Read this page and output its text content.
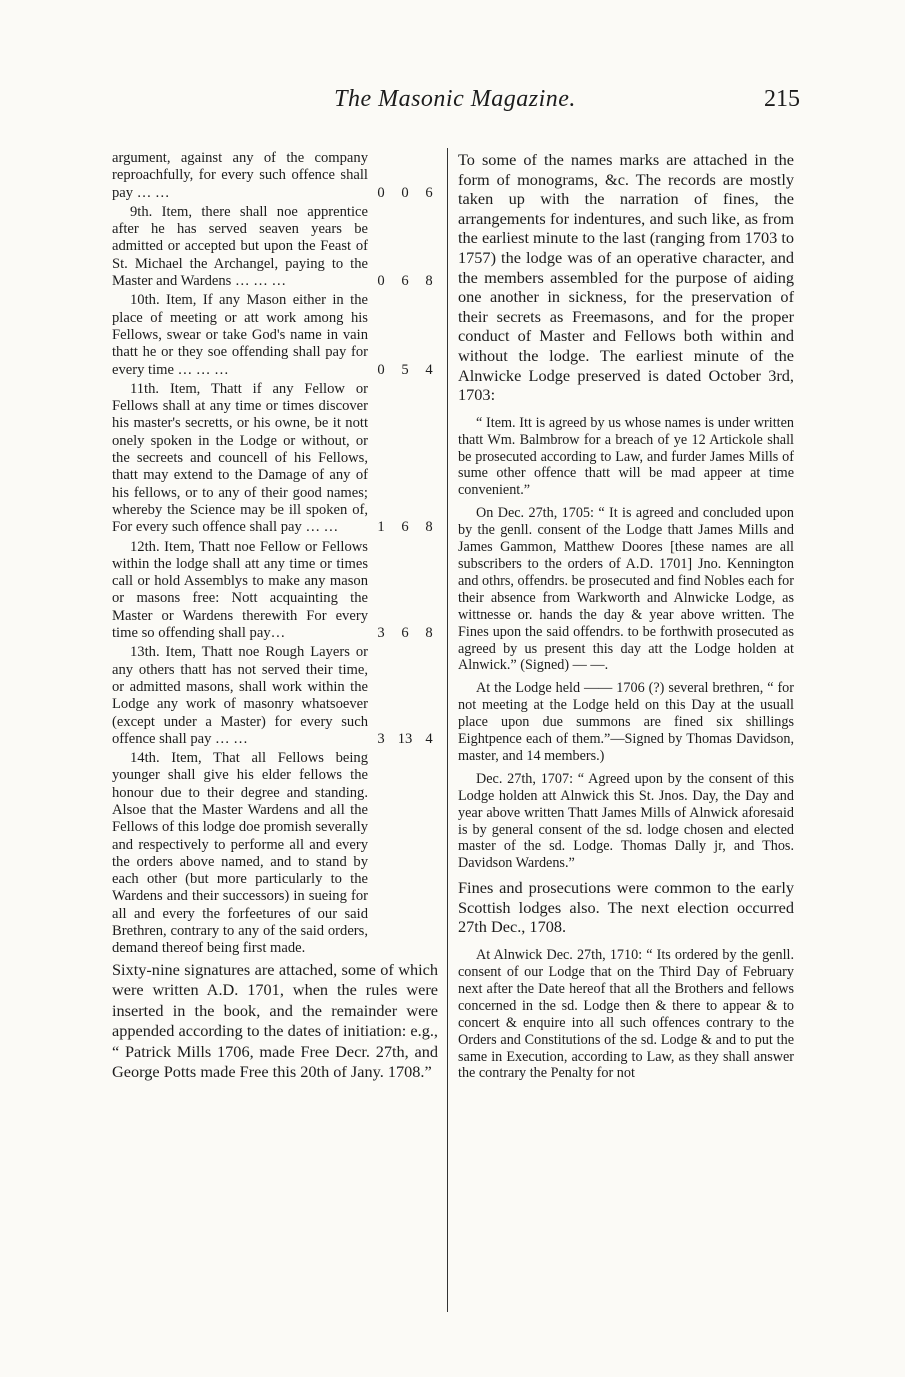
The Masonic Magazine.	215
argument, against any of the company reproachfully, for every such offence shall pay … …	0 0 6
9th. Item, there shall noe apprentice after he has served seaven years be admitted or accepted but upon the Feast of St. Michael the Archangel, paying to the Master and Wardens … … …	0 6 8
10th. Item, If any Mason either in the place of meeting or att work among his Fellows, swear or take God's name in vain thatt he or they soe offending shall pay for every time … … …	0 5 4
11th. Item, Thatt if any Fellow or Fellows shall at any time or times discover his master's secretts, or his owne, be it nott onely spoken in the Lodge or without, or the secreets and councell of his Fellows, thatt may extend to the Damage of any of his fellows, or to any of their good names; whereby the Science may be ill spoken of, For every such offence shall pay … …	1 6 8
12th. Item, Thatt noe Fellow or Fellows within the lodge shall att any time or times call or hold Assemblys to make any mason or masons free: Nott acquainting the Master or Wardens therewith For every time so offending shall pay…	3 6 8
13th. Item, Thatt noe Rough Layers or any others thatt has not served their time, or admitted masons, shall work within the Lodge any work of masonry whatsoever (except under a Master) for every such offence shall pay … …	3 13 4

14th. Item, That all Fellows being younger shall give his elder fellows the honour due to their degree and standing. Alsoe that the Master Wardens and all the Fellows of this lodge doe promish severally and respectively to performe all and every the orders above named, and to stand by each other (but more particularly to the Wardens and their successors) in sueing for all and every the forfeetures of our said Brethren, contrary to any of the said orders, demand thereof being first made.

Sixty-nine signatures are attached, some of which were written A.D. 1701, when the rules were inserted in the book, and the remainder were appended according to the dates of initiation: e.g., “ Patrick Mills 1706, made Free Decr. 27th, and George Potts made Free this 20th of Jany. 1708.”

To some of the names marks are attached in the form of monograms, &c. The records are mostly taken up with the narration of fines, the arrangements for indentures, and such like, as from the earliest minute to the last (ranging from 1703 to 1757) the lodge was of an operative character, and the members assembled for the purpose of aiding one another in sickness, for the preservation of their secrets as Freemasons, and for the proper conduct of Master and Fellows both within and without the lodge. The earliest minute of the Alnwicke Lodge preserved is dated October 3rd, 1703:

“ Item. Itt is agreed by us whose names is under written thatt Wm. Balmbrow for a breach of ye 12 Artickole shall be prosecuted according to Law, and furder James Mills of sume other offence thatt will be mad appeer at time convenient.”

On Dec. 27th, 1705: “ It is agreed and concluded upon by the genll. consent of the Lodge thatt James Mills and James Gammon, Matthew Doores [these names are all subscribers to the orders of A.D. 1701] Jno. Kennington and othrs, offendrs. be prosecuted and find Nobles each for their absence from Warkworth and Alnwicke Lodge, as wittnesse or. hands the day & year above written. The Fines upon the said offendrs. to be forthwith prosecuted as agreed by us present this day att the Lodge holden at Alnwick.” (Signed) — —.

At the Lodge held —— 1706 (?) several brethren, “ for not meeting at the Lodge held on this Day at the usuall place upon due summons are fined six shillings Eightpence each of them.”—Signed by Thomas Davidson, master, and 14 members.)

Dec. 27th, 1707: “ Agreed upon by the consent of this Lodge holden att Alnwick this St. Jnos. Day, the Day and year above written Thatt James Mills of Alnwick aforesaid is by general consent of the sd. lodge chosen and elected master of the sd. Lodge. Thomas Dally jr, and Thos. Davidson Wardens.”

Fines and prosecutions were common to the early Scottish lodges also. The next election occurred 27th Dec., 1708.

At Alnwick Dec. 27th, 1710: “ Its ordered by the genll. consent of our Lodge that on the Third Day of February next after the Date hereof that all the Brothers and fellows concerned in the sd. Lodge then & there to appear & to concert & enquire into all such offences contrary to the Orders and Constitutions of the sd. Lodge & and to put the same in Execution, according to Law, as they shall answer the contrary the Penalty for not
